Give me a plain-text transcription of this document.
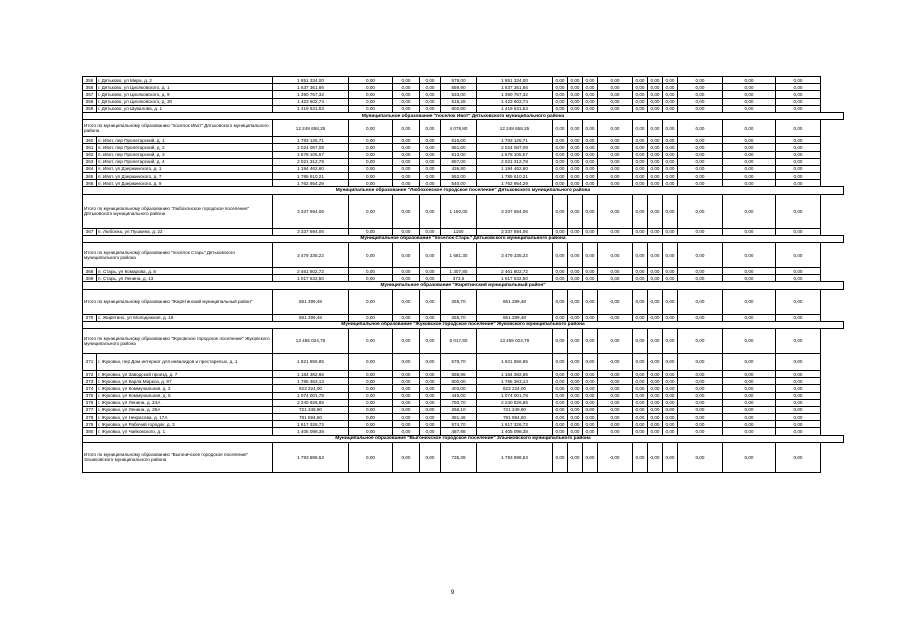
355	г. Дятьково, ул Мира, д. 2	1 851 334,00	0,00	0,00	0,00	578,00	1 851 334,00	0,00	0,00	0,00	0,00	0,00	0,00	0,00	0,00	0,00	0,00
356	г. Дятьково, ул Циолковского, д. 1	1 637 361,66	0,00	0,00	0,00	589,90	1 637 361,66	0,00	0,00	0,00	0,00	0,00	0,00	0,00	0,00	0,00	0,00
357	г. Дятьково, ул Циолковского, д. 9	1 390 767,32	0,00	0,00	0,00	533,00	1 390 767,32	0,00	0,00	0,00	0,00	0,00	0,00	0,00	0,00	0,00	0,00
358	г. Дятьково, ул Циолковского, д. 30	1 423 602,74	0,00	0,00	0,00	516,28	1 423 602,74	0,00	0,00	0,00	0,00	0,00	0,00	0,00	0,00	0,00	0,00
359	г. Дятьково, ул Шувалова, д. 1	1 419 631,53	0,00	0,00	0,00	602,80	1 419 631,53	0,00	0,00	0,00	0,00	0,00	0,00	0,00	0,00	0,00	0,00
Муниципальное образование "поселок Ивот" Дятьковского муниципального района																	
Итого по муниципальному образованию "поселок Ивот" Дятьковского муниципального района		12 249 658,25	0,00	0,00	0,00	4 078,80	12 249 658,25	0,00	0,00	0,00	0,00	0,00	0,00	0,00	0,00	0,00	0,00
360	п. Ивот, пер Пролетарский, д. 1	1 783 125,71	0,00	0,00	0,00	615,00	1 783 125,71	0,00	0,00	0,00	0,00	0,00	0,00	0,00	0,00	0,00	0,00
361	п. Ивот, пер Пролетарский, д. 2	2 024 087,09	0,00	0,00	0,00	661,00	2 024 087,09	0,00	0,00	0,00	0,00	0,00	0,00	0,00	0,00	0,00	0,00
362	п. Ивот, пер Пролетарский, д. 3	1 678 105,57	0,00	0,00	0,00	613,00	1 678 105,57	0,00	0,00	0,00	0,00	0,00	0,00	0,00	0,00	0,00	0,00
363	п. Ивот, пер Пролетарский, д. 4	2 021 312,78	0,00	0,00	0,00	657,00	2 021 312,78	0,00	0,00	0,00	0,00	0,00	0,00	0,00	0,00	0,00	0,00
364	п. Ивот, ул Дзержинского, д. 1	1 194 462,60	0,00	0,00	0,00	436,80	1 194 462,60	0,00	0,00	0,00	0,00	0,00	0,00	0,00	0,00	0,00	0,00
365	п. Ивот, ул Дзержинского, д. 7	1 785 610,21	0,00	0,00	0,00	552,00	1 785 610,21	0,00	0,00	0,00	0,00	0,00	0,00	0,00	0,00	0,00	0,00
366	п. Ивот, ул Дзержинского, д. 9	1 762 954,29	0,00	0,00	0,00	540,00	1 762 954,29	0,00	0,00	0,00	0,00	0,00	0,00	0,00	0,00	0,00	0,00
Муниципальное образование "Любохонское городское поселение" Дятьковского муниципального района																	
Итого по муниципальному образованию "Любохонское городское поселение" Дятьковского муниципального района		3 337 694,06	0,00	0,00	0,00	1 150,00	3 337 694,06	0,00	0,00	0,00	0,00	0,00	0,00	0,00	0,00	0,00	0,00
367	п. Любохна, ул Пушкина, д. 22	3 337 694,06	0,00	0,00	0,00	1150	3 337 694,06	0,00	0,00	0,00	0,00	0,00	0,00	0,00	0,00	0,00	0,00
Муниципальное образование "поселок Старь" Дятьковского муниципального района																	
Итого по муниципальному образованию "поселок Старь" Дятьковского муниципального района		3 479 335,22	0,00	0,00	0,00	1 681,30	3 479 335,22	0,00	0,00	0,00	0,00	0,00	0,00	0,00	0,00	0,00	0,00
368	п. Старь, ул Комарова, д. 8	2 461 802,72	0,00	0,00	0,00	1 307,80	2 461 802,72	0,00	0,00	0,00	0,00	0,00	0,00	0,00	0,00	0,00	0,00
369	п. Старь, ул Ленина, д. 13	1 017 532,50	0,00	0,00	0,00	373,5	1 017 532,50	0,00	0,00	0,00	0,00	0,00	0,00	0,00	0,00	0,00	0,00
Муниципальное образование "Жирятинский муниципальный район"																	
Итого по муниципальному образованию "Жирятинский муниципальный район"		861 299,48	0,00	0,00	0,00	265,70	861 299,48	0,00	0,00	0,00	0,00	0,00	0,00	0,00	0,00	0,00	0,00
370	с. Жирятино, ул Молодежная, д. 19	861 299,48	0,00	0,00	0,00	265,70	861 299,48	0,00	0,00	0,00	0,00	0,00	0,00	0,00	0,00	0,00	0,00
Муниципальное образование "Жуковское городское поселение" Жуковского муниципального района																	
Итого по муниципальному образованию "Жуковское городское поселение" Жуковского муниципального района		13 455 024,78	0,00	0,00	0,00	5 017,50	13 455 024,78	0,00	0,00	0,00	0,00	0,00	0,00	0,00	0,00	0,00	0,00
371	г. Жуковка, пер Дом интернат для инвалидов и престарелых, д. 1	1 821 856,85	0,00	0,00	0,00	579,70	1 821 856,85	0,00	0,00	0,00	0,00	0,00	0,00	0,00	0,00	0,00	0,00
372	г. Жуковка, ул Заводской проезд, д. 7	1 184 382,66	0,00	0,00	0,00	558,96	1 184 382,66	0,00	0,00	0,00	0,00	0,00	0,00	0,00	0,00	0,00	0,00
373	г. Жуковка, ул Карла Маркса, д. 97	1 785 363,13	0,00	0,00	0,00	600,00	1 785 363,13	0,00	0,00	0,00	0,00	0,00	0,00	0,00	0,00	0,00	0,00
374	г. Жуковка, ул Коммунальная, д. 2	823 224,00	0,00	0,00	0,00	403,00	823 224,00	0,00	0,00	0,00	0,00	0,00	0,00	0,00	0,00	0,00	0,00
375	г. Жуковка, ул Коммунальная, д. 5	1 074 001,78	0,00	0,00	0,00	445,00	1 074 001,78	0,00	0,00	0,00	0,00	0,00	0,00	0,00	0,00	0,00	0,00
376	г. Жуковка, ул Ленина, д. 24А	2 240 926,85	0,00	0,00	0,00	750,70	2 240 926,85	0,00	0,00	0,00	0,00	0,00	0,00	0,00	0,00	0,00	0,00
377	г. Жуковка, ул Ленина, д. 26А	721 249,90	0,00	0,00	0,00	266,10	721 249,90	0,00	0,00	0,00	0,00	0,00	0,00	0,00	0,00	0,00	0,00
378	г. Жуковка, ул Некрасова, д. 17А	781 594,50	0,00	0,00	0,00	381,46	781 594,50	0,00	0,00	0,00	0,00	0,00	0,00	0,00	0,00	0,00	0,00
379	г. Жуковка, ул Рабочий городок, д. 3	1 617 326,73	0,00	0,00	0,00	574,70	1 617 326,73	0,00	0,00	0,00	0,00	0,00	0,00	0,00	0,00	0,00	0,00
380	г. Жуковка, ул Чайковского, д. 1	1 405 098,38	0,00	0,00	0,00	487,88	1 405 098,38	0,00	0,00	0,00	0,00	0,00	0,00	0,00	0,00	0,00	0,00
Муниципальное образование "Выгоничское городское поселение" Злынковского муниципального района																	
Итого по муниципальному образованию "Выгоничское городское поселение" Злынковского муниципального района		1 793 898,53	0,00	0,00	0,00	735,39	1 793 898,53	0,00	0,00	0,00	0,00	0,00	0,00	0,00	0,00	0,00	0,00
9
